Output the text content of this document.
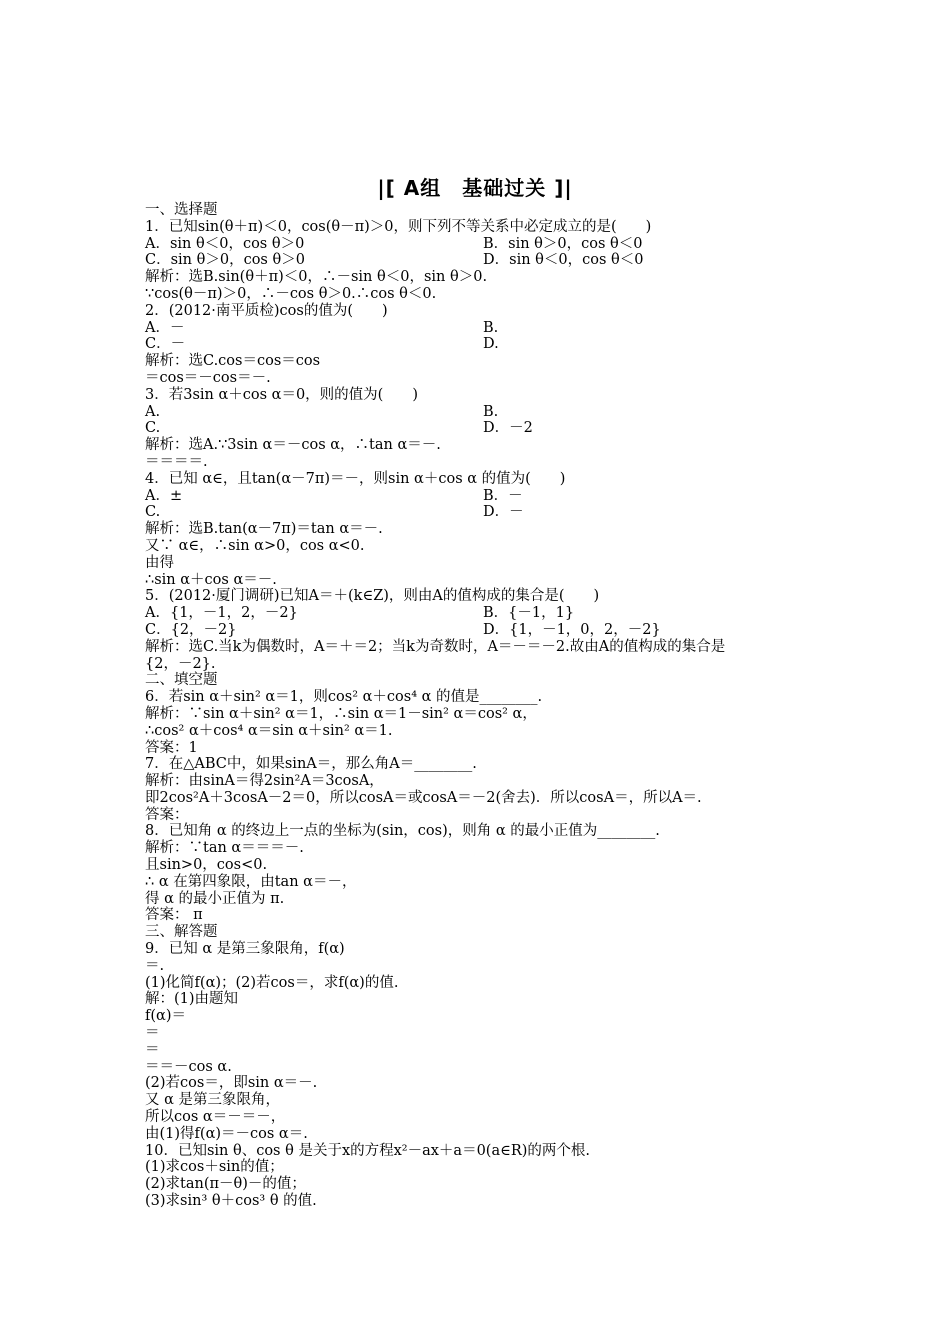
|[ A组　基础过关 ]|
一、选择题
1．已知sin(θ＋π)＜0，cos(θ－π)＞0，则下列不等关系中必定成立的是(　　)
A．sin θ＜0，cos θ＞0	B．sin θ＞0，cos θ＜0
C．sin θ＞0，cos θ＞0	D．sin θ＜0，cos θ＜0
解析：选B.sin(θ＋π)＜0，∴－sin θ＜0，sin θ＞0.
∵cos(θ－π)＞0，∴－cos θ＞0.∴cos θ＜0.
2．(2012·南平质检)cos的值为(　　)
A．－	B.
C．－	D.
解析：选C.cos＝cos＝cos
＝cos＝－cos＝－.
3．若3sin α＋cos α＝0，则的值为(　　)
A.	B.
C.	D．－2
解析：选A.∵3sin α＝－cos α，∴tan α＝－.
＝＝＝＝.
4．已知 α∈，且tan(α－7π)＝－，则sin α＋cos α 的值为(　　)
A．±	B．－
C.	D．－
解析：选B.tan(α－7π)＝tan α＝－.
又∵ α∈，∴sin α>0，cos α<0.
由得
∴sin α＋cos α＝－.
5．(2012·厦门调研)已知A＝＋(k∈Z)，则由A的值构成的集合是(　　)
A．{1，－1，2，－2}	B．{－1，1}
C．{2，－2}	D．{1，－1，0，2，－2}
解析：选C.当k为偶数时，A＝＋＝2；当k为奇数时，A＝－＝－2.故由A的值构成的集合是
{2，－2}.
二、填空题
6．若sin α＋sin² α＝1，则cos² α＋cos⁴ α 的值是________.
解析：∵sin α＋sin² α＝1，∴sin α＝1－sin² α＝cos² α，
∴cos² α＋cos⁴ α＝sin α＋sin² α＝1.
答案：1
7．在△ABC中，如果sinA＝，那么角A＝________.
解析：由sinA＝得2sin²A＝3cosA，
即2cos²A＋3cosA－2＝0，所以cosA＝或cosA＝－2(舍去)．所以cosA＝，所以A＝.
答案：
8．已知角 α 的终边上一点的坐标为(sin，cos)，则角 α 的最小正值为________.
解析：∵tan α＝＝＝－.
且sin>0，cos<0.
∴ α 在第四象限，由tan α＝－，
得 α 的最小正值为 π.
答案： π
三、解答题
9．已知 α 是第三象限角，f(α)
＝.
(1)化简f(α)；(2)若cos＝，求f(α)的值.
解：(1)由题知
f(α)＝
＝
＝
＝＝－cos α.
(2)若cos＝，即sin α＝－.
又 α 是第三象限角，
所以cos α＝－＝－，
由(1)得f(α)＝－cos α＝.
10．已知sin θ、cos θ 是关于x的方程x²－ax＋a＝0(a∈R)的两个根.
(1)求cos＋sin的值；
(2)求tan(π－θ)－的值；
(3)求sin³ θ＋cos³ θ 的值.
